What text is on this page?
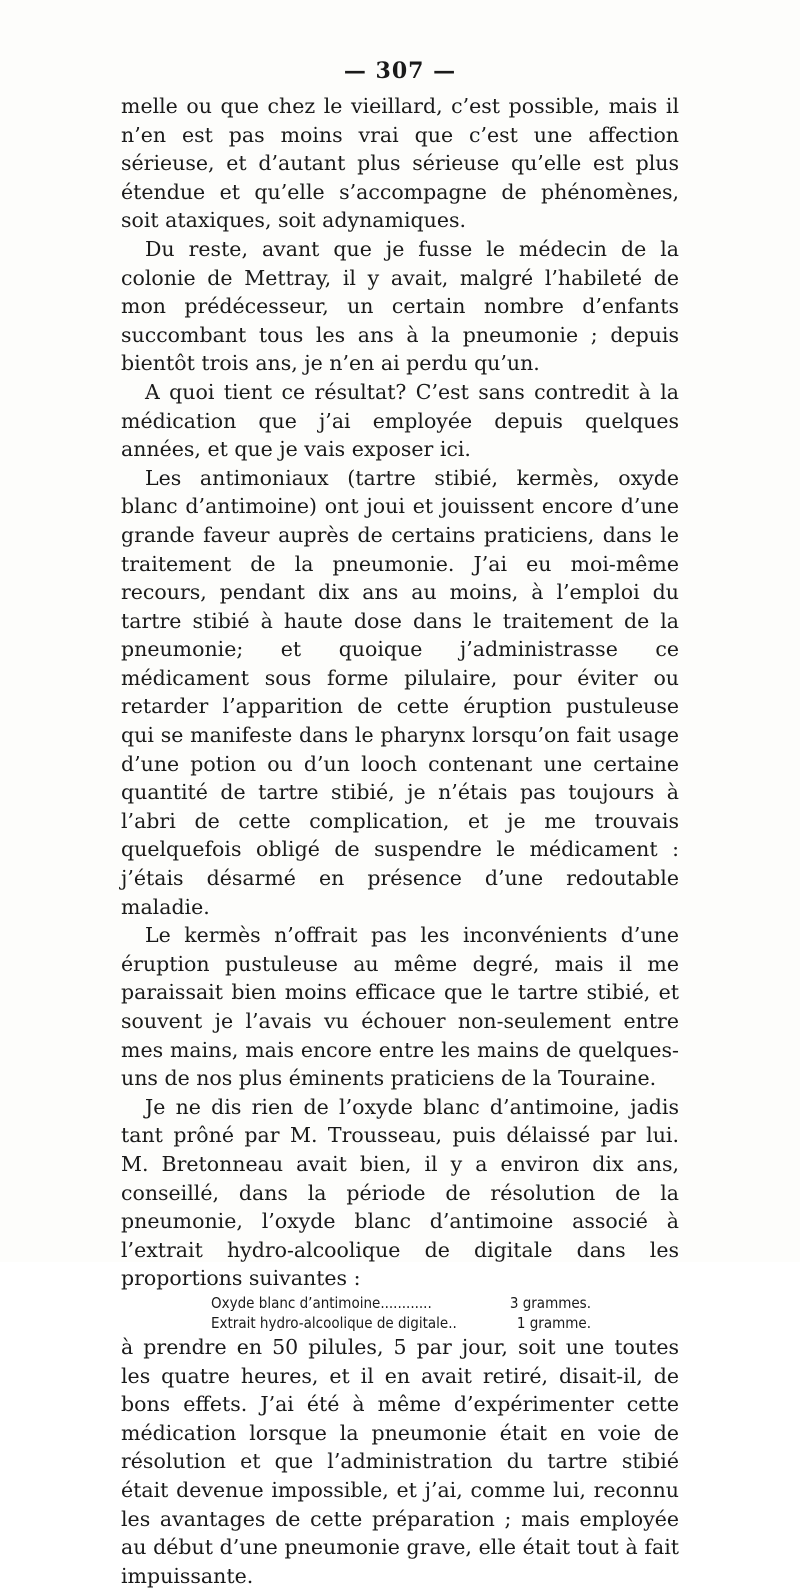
— 307 —

melle ou que chez le vieillard, c’est possible, mais il n’en est pas moins vrai que c’est une affection sérieuse, et d’autant plus sérieuse qu’elle est plus étendue et qu’elle s’accompagne de phénomènes, soit ataxiques, soit adynamiques.

Du reste, avant que je fusse le médecin de la colonie de Mettray, il y avait, malgré l’habileté de mon prédécesseur, un certain nombre d’enfants succombant tous les ans à la pneumonie ; depuis bientôt trois ans, je n’en ai perdu qu’un.

A quoi tient ce résultat? C’est sans contredit à la médication que j’ai employée depuis quelques années, et que je vais exposer ici.

Les antimoniaux (tartre stibié, kermès, oxyde blanc d’antimoine) ont joui et jouissent encore d’une grande faveur auprès de certains praticiens, dans le traitement de la pneumonie. J’ai eu moi-même recours, pendant dix ans au moins, à l’emploi du tartre stibié à haute dose dans le traitement de la pneumonie; et quoique j’administrasse ce médicament sous forme pilulaire, pour éviter ou retarder l’apparition de cette éruption pustuleuse qui se manifeste dans le pharynx lorsqu’on fait usage d’une potion ou d’un looch contenant une certaine quantité de tartre stibié, je n’étais pas toujours à l’abri de cette complication, et je me trouvais quelquefois obligé de suspendre le médicament : j’étais désarmé en présence d’une redoutable maladie.

Le kermès n’offrait pas les inconvénients d’une éruption pustuleuse au même degré, mais il me paraissait bien moins efficace que le tartre stibié, et souvent je l’avais vu échouer non-seulement entre mes mains, mais encore entre les mains de quelques-uns de nos plus éminents praticiens de la Touraine.

Je ne dis rien de l’oxyde blanc d’antimoine, jadis tant prôné par M. Trousseau, puis délaissé par lui. M. Bretonneau avait bien, il y a environ dix ans, conseillé, dans la période de résolution de la pneumonie, l’oxyde blanc d’antimoine associé à l’extrait hydro-alcoolique de digitale dans les proportions suivantes :

Oxyde blanc d’antimoine............	3 grammes.
Extrait hydro-alcoolique de digitale..	1 gramme.

à prendre en 50 pilules, 5 par jour, soit une toutes les quatre heures, et il en avait retiré, disait-il, de bons effets. J’ai été à même d’expérimenter cette médication lorsque la pneumonie était en voie de résolution et que l’administration du tartre stibié était devenue impossible, et j’ai, comme lui, reconnu les avantages de cette préparation ; mais employée au début d’une pneumonie grave, elle était tout à fait impuissante.
